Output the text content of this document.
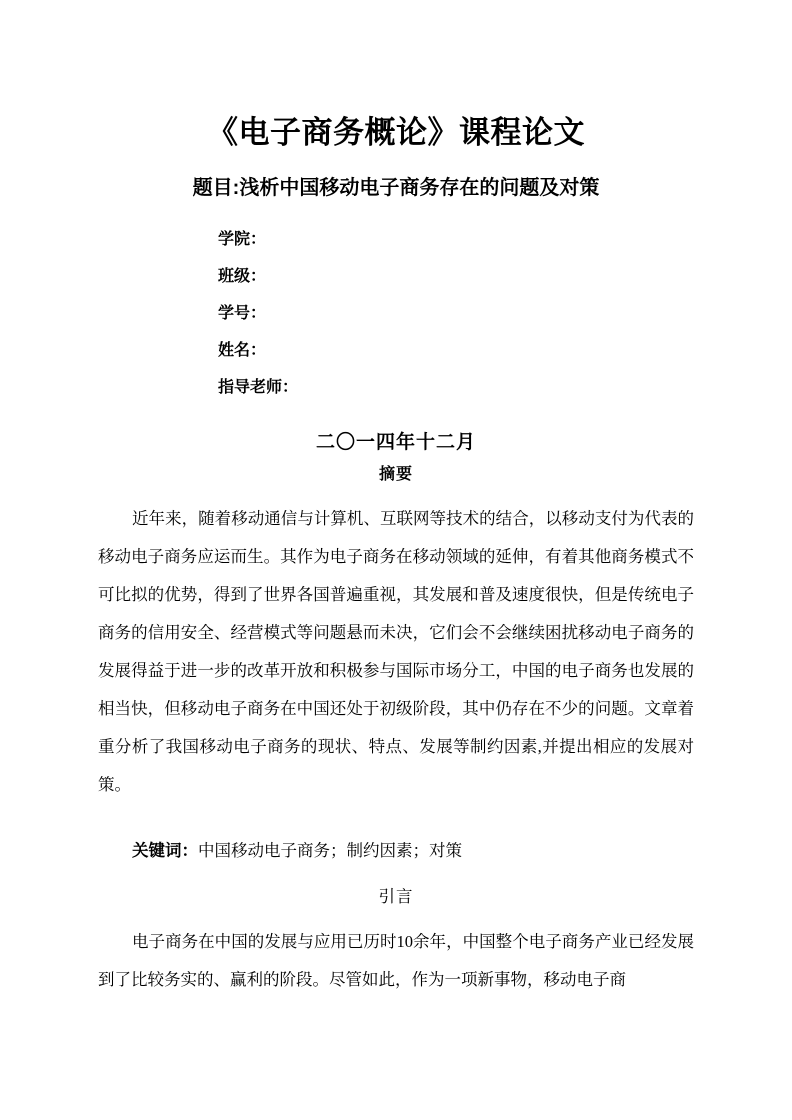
《电子商务概论》课程论文
题目:浅析中国移动电子商务存在的问题及对策
学院：
班级：
学号：
姓名：
指导老师：
二〇一四年十二月
摘要
近年来，随着移动通信与计算机、互联网等技术的结合，以移动支付为代表的移动电子商务应运而生。其作为电子商务在移动领域的延伸，有着其他商务模式不可比拟的优势，得到了世界各国普遍重视，其发展和普及速度很快，但是传统电子商务的信用安全、经营模式等问题悬而未决，它们会不会继续困扰移动电子商务的发展得益于进一步的改革开放和积极参与国际市场分工，中国的电子商务也发展的相当快，但移动电子商务在中国还处于初级阶段，其中仍存在不少的问题。文章着重分析了我国移动电子商务的现状、特点、发展等制约因素,并提出相应的发展对策。
关键词：中国移动电子商务；制约因素；对策
引言
电子商务在中国的发展与应用已历时10余年，中国整个电子商务产业已经发展到了比较务实的、赢利的阶段。尽管如此，作为一项新事物，移动电子商
